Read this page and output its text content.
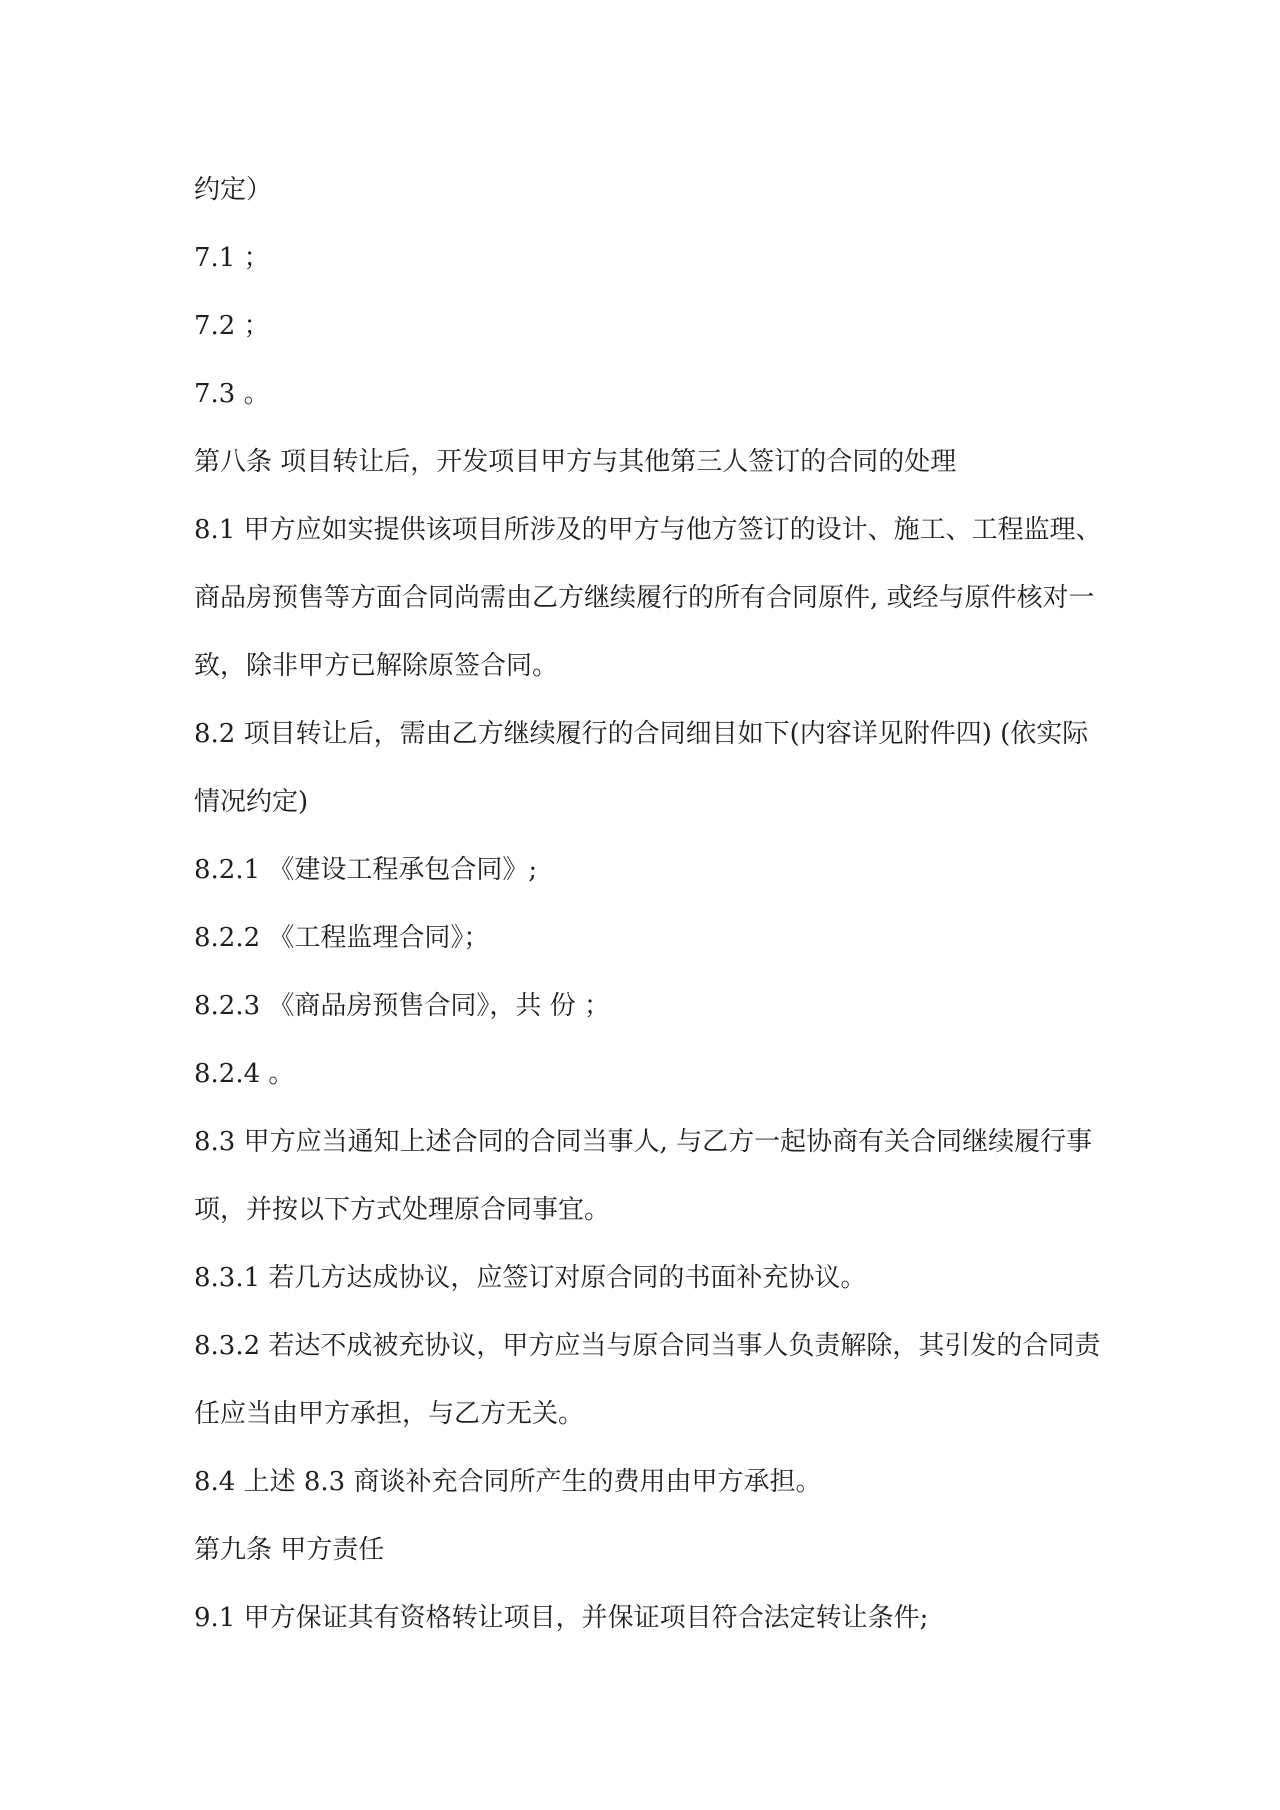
约定）
7.1 ；
7.2 ；
7.3 。
第八条 项目转让后，开发项目甲方与其他第三人签订的合同的处理
8.1 甲方应如实提供该项目所涉及的甲方与他方签订的设计、施工、工程监理、
商品房预售等方面合同尚需由乙方继续履行的所有合同原件, 或经与原件核对一
致，除非甲方已解除原签合同。
8.2 项目转让后，需由乙方继续履行的合同细目如下(内容详见附件四) (依实际
情况约定)
8.2.1 《建设工程承包合同》;
8.2.2 《工程监理合同》；
8.2.3 《商品房预售合同》，共 份 ；
8.2.4 。
8.3 甲方应当通知上述合同的合同当事人, 与乙方一起协商有关合同继续履行事
项，并按以下方式处理原合同事宜。
8.3.1 若几方达成协议，应签订对原合同的书面补充协议。
8.3.2 若达不成被充协议，甲方应当与原合同当事人负责解除，其引发的合同责
任应当由甲方承担，与乙方无关。
8.4 上述 8.3 商谈补充合同所产生的费用由甲方承担。
第九条 甲方责任
9.1 甲方保证其有资格转让项目，并保证项目符合法定转让条件;
